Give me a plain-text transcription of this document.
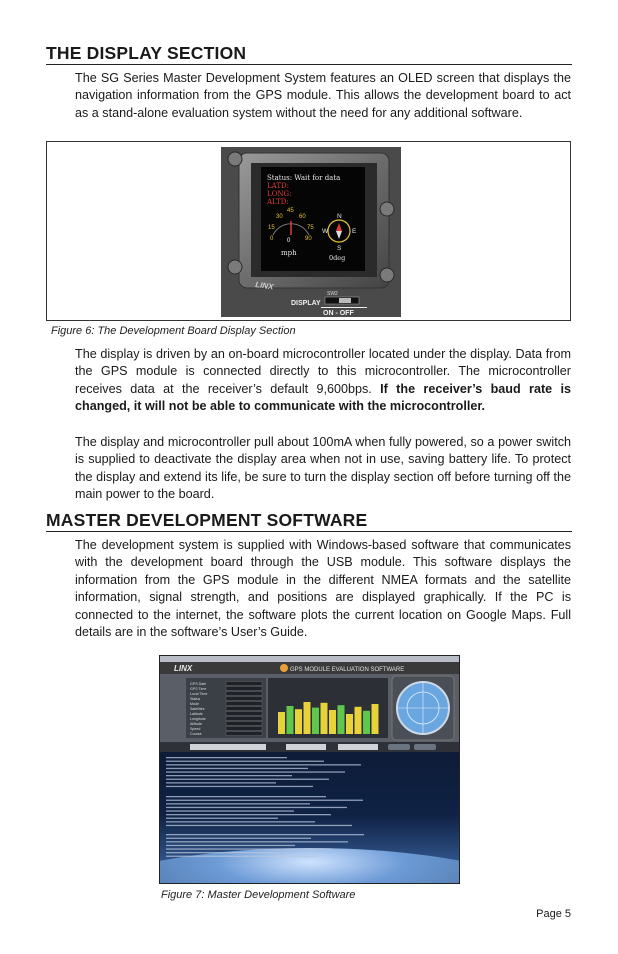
THE DISPLAY SECTION

The SG Series Master Development System features an OLED screen that displays the navigation information from the GPS module. This allows the development board to act as a stand-alone evaluation system without the need for any additional software.

Status: Wait for data
LATD:
LONG:
ALTD:
30
45
60
15	75
0	90
0
mph
N
S
W	E
0deg
LINX
SW2
DISPLAY
ON - OFF
Figure 6: The Development Board Display Section

The display is driven by an on-board microcontroller located under the display. Data from the GPS module is connected directly to this microcontroller. The microcontroller receives data at the receiver’s default 9,600bps. If the receiver’s baud rate is changed, it will not be able to communicate with the microcontroller.

The display and microcontroller pull about 100mA when fully powered, so a power switch is supplied to deactivate the display area when not in use, saving battery life. To protect the display and extend its life, be sure to turn the display section off before turning off the main power to the board.

MASTER DEVELOPMENT SOFTWARE

The development system is supplied with Windows-based software that communicates with the development board through the USB module. This software displays the information from the GPS module in the different NMEA formats and the satellite information, signal strength, and positions are displayed graphically. If the PC is connected to the internet, the software plots the current location on Google Maps. Full details are in the software’s User’s Guide.

LINX	GPS MODULE EVALUATION SOFTWARE
GPS Date
GPS Time
Local Time
Status
Mode
Satellites
Latitude
Longitude
Altitude
Speed
Course
Figure 7: Master Development Software
Page 5
